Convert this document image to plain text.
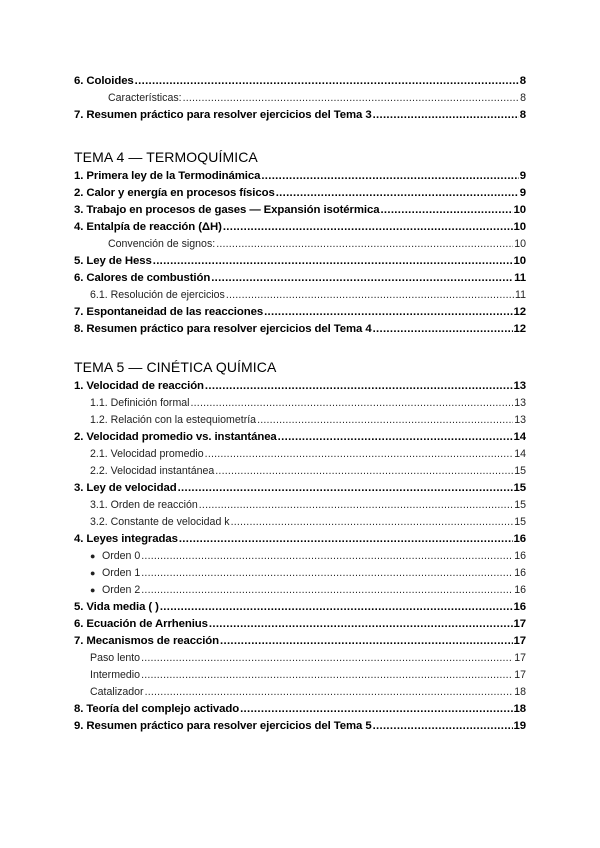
6. Coloides .....	8
Características: .....	8
7. Resumen práctico para resolver ejercicios del Tema 3 .....	8
TEMA 4 — TERMOQUÍMICA
1. Primera ley de la Termodinámica .....	9
2. Calor y energía en procesos físicos .....	9
3. Trabajo en procesos de gases — Expansión isotérmica .....	10
4. Entalpía de reacción (ΔH) .....	10
Convención de signos: .....	10
5. Ley de Hess .....	10
6. Calores de combustión .....	11
6.1. Resolución de ejercicios .....	11
7. Espontaneidad de las reacciones .....	12
8. Resumen práctico para resolver ejercicios del Tema 4 .....	12
TEMA 5 — CINÉTICA QUÍMICA
1. Velocidad de reacción .....	13
1.1. Definición formal .....	13
1.2. Relación con la estequiometría .....	13
2. Velocidad promedio vs. instantánea .....	14
2.1. Velocidad promedio .....	14
2.2. Velocidad instantánea .....	15
3. Ley de velocidad .....	15
3.1. Orden de reacción .....	15
3.2. Constante de velocidad k .....	15
4. Leyes integradas .....	16
● Orden 0 .....	16
● Orden 1 .....	16
● Orden 2 .....	16
5. Vida media ( ) .....	16
6. Ecuación de Arrhenius .....	17
7. Mecanismos de reacción .....	17
Paso lento .....	17
Intermedio .....	17
Catalizador .....	18
8. Teoría del complejo activado .....	18
9. Resumen práctico para resolver ejercicios del Tema 5 .....	19
